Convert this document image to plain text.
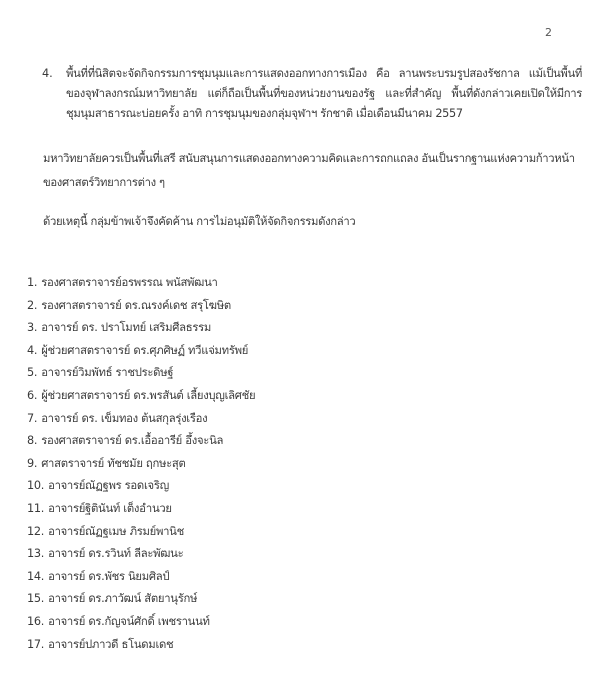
2
4. พื้นที่ที่นิสิตจะจัดกิจกรรมการชุมนุมและการแสดงออกทางการเมือง คือ ลานพระบรมรูปสองรัชกาล แม้เป็นพื้นที่ของจุฬาลงกรณ์มหาวิทยาลัย แต่ก็ถือเป็นพื้นที่ของหน่วยงานของรัฐ และที่สำคัญ พื้นที่ดังกล่าวเคยเปิดให้มีการชุมนุมสาธารณะบ่อยครั้ง อาทิ การชุมนุมของกลุ่มจุฬาฯ รักชาติ เมื่อเดือนมีนาคม 2557
มหาวิทยาลัยควรเป็นพื้นที่เสรี สนับสนุนการแสดงออกทางความคิดและการถกแถลง อันเป็นรากฐานแห่งความก้าวหน้าของศาสตร์วิทยาการต่าง ๆ
ด้วยเหตุนี้ กลุ่มข้าพเจ้าจึงคัดค้าน การไม่อนุมัติให้จัดกิจกรรมดังกล่าว
1. รองศาสตราจารย์อรพรรณ พนัสพัฒนา
2. รองศาสตราจารย์ ดร.ณรงค์เดช สรุโฆษิต
3. อาจารย์ ดร. ปราโมทย์ เสริมศีลธรรม
4. ผู้ช่วยศาสตราจารย์ ดร.ศุภศิษฏ์ ทวีแจ่มทรัพย์
5. อาจารย์วิมพัทธ์ ราชประดิษฐ์
6. ผู้ช่วยศาสตราจารย์ ดร.พรสันต์ เลี้ยงบุญเลิศชัย
7. อาจารย์ ดร. เข็มทอง ต้นสกุลรุ่งเรือง
8. รองศาสตราจารย์ ดร.เอื้ออารีย์ อึ้งจะนิล
9. ศาสตราจารย์ ทัชชมัย ฤกษะสุต
10. อาจารย์ณัฏฐพร รอดเจริญ
11. อาจารย์ฐิตินันท์ เต็งอำนวย
12. อาจารย์ณัฏฐเมษ ภิรมย์พานิช
13. อาจารย์ ดร.รวินท์ ลีละพัฒนะ
14. อาจารย์ ดร.พัชร นิยมศิลป์
15. อาจารย์ ดร.ภาวัฒน์ สัตยานุรักษ์
16. อาจารย์ ดร.กัญจน์ศักดิ์ เพชรานนท์
17. อาจารย์ปภาวดี ธโนดมเดช
